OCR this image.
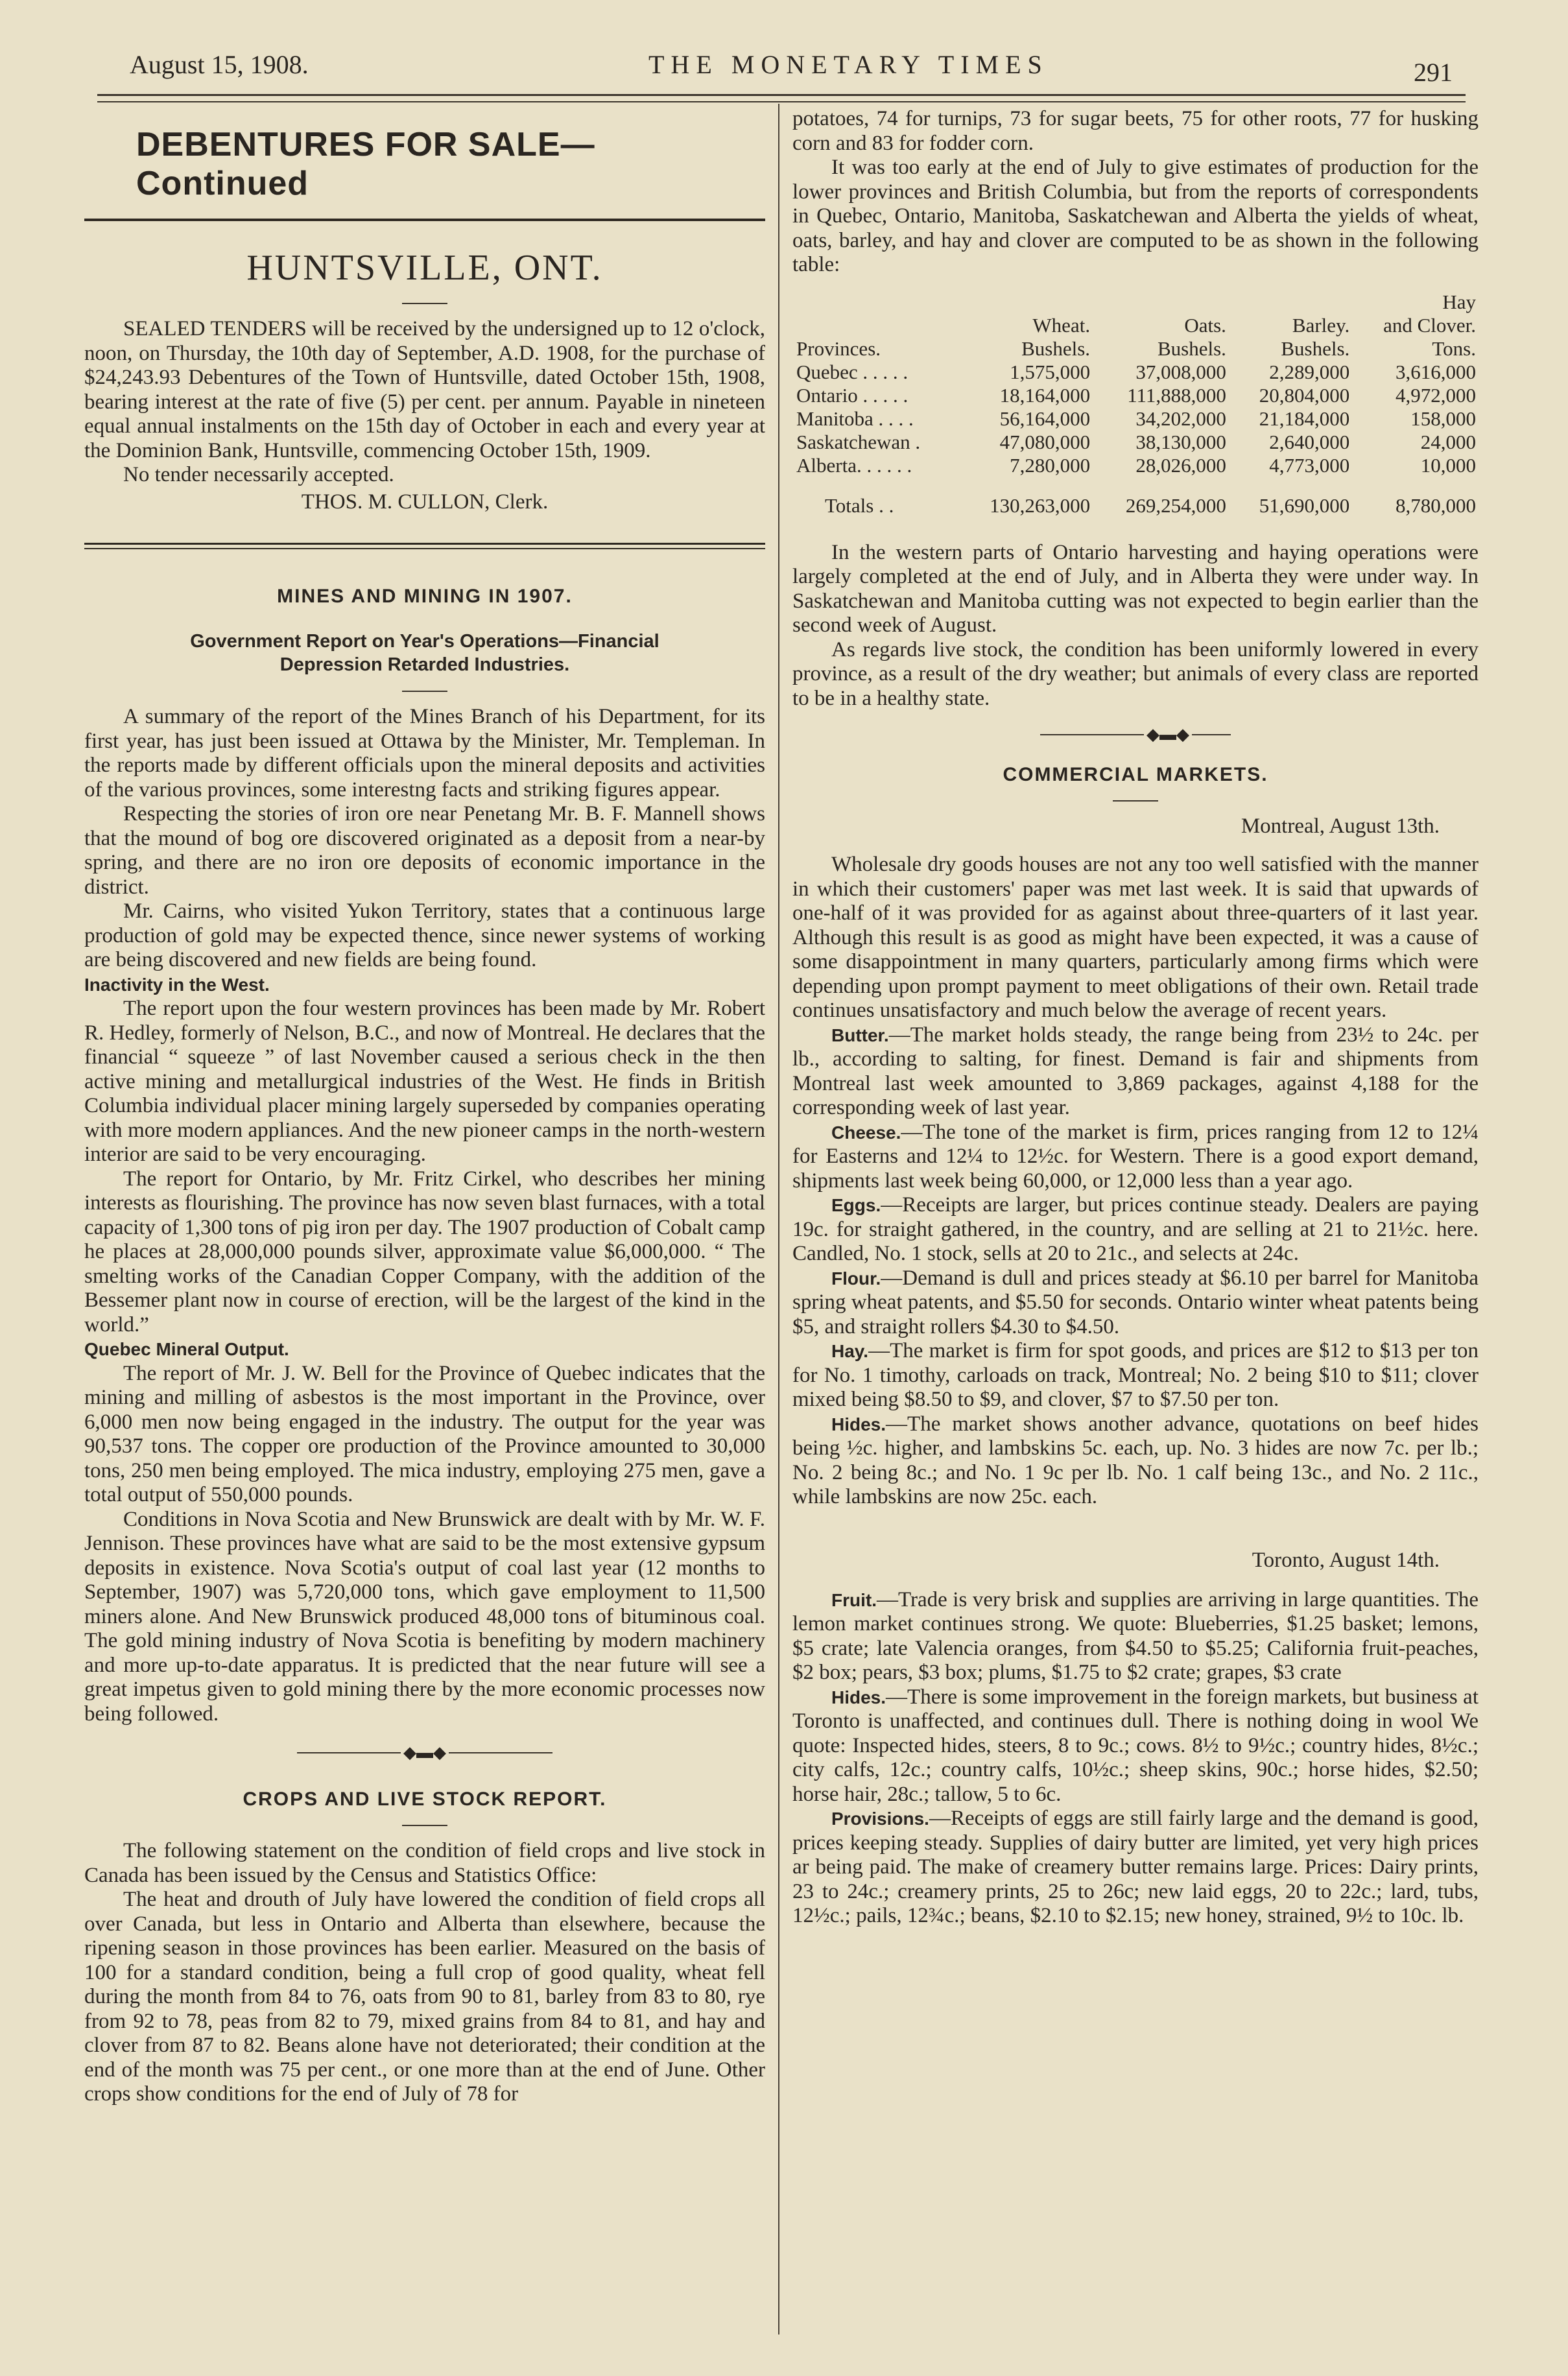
August 15, 1908.	THE MONETARY TIMES	291
DEBENTURES FOR SALE—Continued
HUNTSVILLE, ONT.

SEALED TENDERS will be received by the undersigned up to 12 o'clock, noon, on Thursday, the 10th day of September, A.D. 1908, for the purchase of $24,243.93 Debentures of the Town of Huntsville, dated October 15th, 1908, bearing interest at the rate of five (5) per cent. per annum. Payable in nineteen equal annual instalments on the 15th day of October in each and every year at the Dominion Bank, Huntsville, commencing October 15th, 1909.

No tender necessarily accepted.

THOS. M. CULLON, Clerk.
MINES AND MINING IN 1907.
Government Report on Year's Operations—Financial
Depression Retarded Industries.

A summary of the report of the Mines Branch of his Department, for its first year, has just been issued at Ottawa by the Minister, Mr. Templeman. In the reports made by different officials upon the mineral deposits and activities of the various provinces, some interestng facts and striking figures appear.

Respecting the stories of iron ore near Penetang Mr. B. F. Mannell shows that the mound of bog ore discovered originated as a deposit from a near-by spring, and there are no iron ore deposits of economic importance in the district.

Mr. Cairns, who visited Yukon Territory, states that a continuous large production of gold may be expected thence, since newer systems of working are being discovered and new fields are being found.

Inactivity in the West.

The report upon the four western provinces has been made by Mr. Robert R. Hedley, formerly of Nelson, B.C., and now of Montreal. He declares that the financial “ squeeze ” of last November caused a serious check in the then active mining and metallurgical industries of the West. He finds in British Columbia individual placer mining largely superseded by companies operating with more modern appliances. And the new pioneer camps in the north-western interior are said to be very encouraging.

The report for Ontario, by Mr. Fritz Cirkel, who describes her mining interests as flourishing. The province has now seven blast furnaces, with a total capacity of 1,300 tons of pig iron per day. The 1907 production of Cobalt camp he places at 28,000,000 pounds silver, approximate value $6,000,000. “ The smelting works of the Canadian Copper Company, with the addition of the Bessemer plant now in course of erection, will be the largest of the kind in the world.”

Quebec Mineral Output.

The report of Mr. J. W. Bell for the Province of Quebec indicates that the mining and milling of asbestos is the most important in the Province, over 6,000 men now being engaged in the industry. The output for the year was 90,537 tons. The copper ore production of the Province amounted to 30,000 tons, 250 men being employed. The mica industry, employing 275 men, gave a total output of 550,000 pounds.

Conditions in Nova Scotia and New Brunswick are dealt with by Mr. W. F. Jennison. These provinces have what are said to be the most extensive gypsum deposits in existence. Nova Scotia's output of coal last year (12 months to September, 1907) was 5,720,000 tons, which gave employment to 11,500 miners alone. And New Brunswick produced 48,000 tons of bituminous coal. The gold mining industry of Nova Scotia is benefiting by modern machinery and more up-to-date apparatus. It is predicted that the near future will see a great impetus given to gold mining there by the more economic processes now being followed.

◆▬◆
CROPS AND LIVE STOCK REPORT.

The following statement on the condition of field crops and live stock in Canada has been issued by the Census and Statistics Office:

The heat and drouth of July have lowered the condition of field crops all over Canada, but less in Ontario and Alberta than elsewhere, because the ripening season in those provinces has been earlier. Measured on the basis of 100 for a standard condition, being a full crop of good quality, wheat fell during the month from 84 to 76, oats from 90 to 81, barley from 83 to 80, rye from 92 to 78, peas from 82 to 79, mixed grains from 84 to 81, and hay and clover from 87 to 82. Beans alone have not deteriorated; their condition at the end of the month was 75 per cent., or one more than at the end of June. Other crops show conditions for the end of July of 78 for

potatoes, 74 for turnips, 73 for sugar beets, 75 for other roots, 77 for husking corn and 83 for fodder corn.

It was too early at the end of July to give estimates of production for the lower provinces and British Columbia, but from the reports of correspondents in Quebec, Ontario, Manitoba, Saskatchewan and Alberta the yields of wheat, oats, barley, and hay and clover are computed to be as shown in the following table:

				Hay
	Wheat.	Oats.	Barley.	and Clover.
Provinces.	Bushels.	Bushels.	Bushels.	Tons.
Quebec . . . . .	1,575,000	37,008,000	2,289,000	3,616,000
Ontario . . . . .	18,164,000	111,888,000	20,804,000	4,972,000
Manitoba . . . .	56,164,000	34,202,000	21,184,000	158,000
Saskatchewan .	47,080,000	38,130,000	2,640,000	24,000
Alberta. . . . . .	7,280,000	28,026,000	4,773,000	10,000
Totals . .	130,263,000	269,254,000	51,690,000	8,780,000

In the western parts of Ontario harvesting and haying operations were largely completed at the end of July, and in Alberta they were under way. In Saskatchewan and Manitoba cutting was not expected to begin earlier than the second week of August.

As regards live stock, the condition has been uniformly lowered in every province, as a result of the dry weather; but animals of every class are reported to be in a healthy state.

◆▬◆
COMMERCIAL MARKETS.
Montreal, August 13th.

Wholesale dry goods houses are not any too well satisfied with the manner in which their customers' paper was met last week. It is said that upwards of one-half of it was provided for as against about three-quarters of it last year. Although this result is as good as might have been expected, it was a cause of some disappointment in many quarters, particularly among firms which were depending upon prompt payment to meet obligations of their own. Retail trade continues unsatisfactory and much below the average of recent years.

Butter.—The market holds steady, the range being from 23½ to 24c. per lb., according to salting, for finest. Demand is fair and shipments from Montreal last week amounted to 3,869 packages, against 4,188 for the corresponding week of last year.

Cheese.—The tone of the market is firm, prices ranging from 12 to 12¼ for Easterns and 12¼ to 12½c. for Western. There is a good export demand, shipments last week being 60,000, or 12,000 less than a year ago.

Eggs.—Receipts are larger, but prices continue steady. Dealers are paying 19c. for straight gathered, in the country, and are selling at 21 to 21½c. here. Candled, No. 1 stock, sells at 20 to 21c., and selects at 24c.

Flour.—Demand is dull and prices steady at $6.10 per barrel for Manitoba spring wheat patents, and $5.50 for seconds. Ontario winter wheat patents being $5, and straight rollers $4.30 to $4.50.

Hay.—The market is firm for spot goods, and prices are $12 to $13 per ton for No. 1 timothy, carloads on track, Montreal; No. 2 being $10 to $11; clover mixed being $8.50 to $9, and clover, $7 to $7.50 per ton.

Hides.—The market shows another advance, quotations on beef hides being ½c. higher, and lambskins 5c. each, up. No. 3 hides are now 7c. per lb.; No. 2 being 8c.; and No. 1 9c per lb. No. 1 calf being 13c., and No. 2 11c., while lambskins are now 25c. each.

Toronto, August 14th.

Fruit.—Trade is very brisk and supplies are arriving in large quantities. The lemon market continues strong. We quote: Blueberries, $1.25 basket; lemons, $5 crate; late Valencia oranges, from $4.50 to $5.25; California fruit-peaches, $2 box; pears, $3 box; plums, $1.75 to $2 crate; grapes, $3 crate

Hides.—There is some improvement in the foreign markets, but business at Toronto is unaffected, and continues dull. There is nothing doing in wool We quote: Inspected hides, steers, 8 to 9c.; cows. 8½ to 9½c.; country hides, 8½c.; city calfs, 12c.; country calfs, 10½c.; sheep skins, 90c.; horse hides, $2.50; horse hair, 28c.; tallow, 5 to 6c.

Provisions.—Receipts of eggs are still fairly large and the demand is good, prices keeping steady. Supplies of dairy butter are limited, yet very high prices ar being paid. The make of creamery butter remains large. Prices: Dairy prints, 23 to 24c.; creamery prints, 25 to 26c; new laid eggs, 20 to 22c.; lard, tubs, 12½c.; pails, 12¾c.; beans, $2.10 to $2.15; new honey, strained, 9½ to 10c. lb.
